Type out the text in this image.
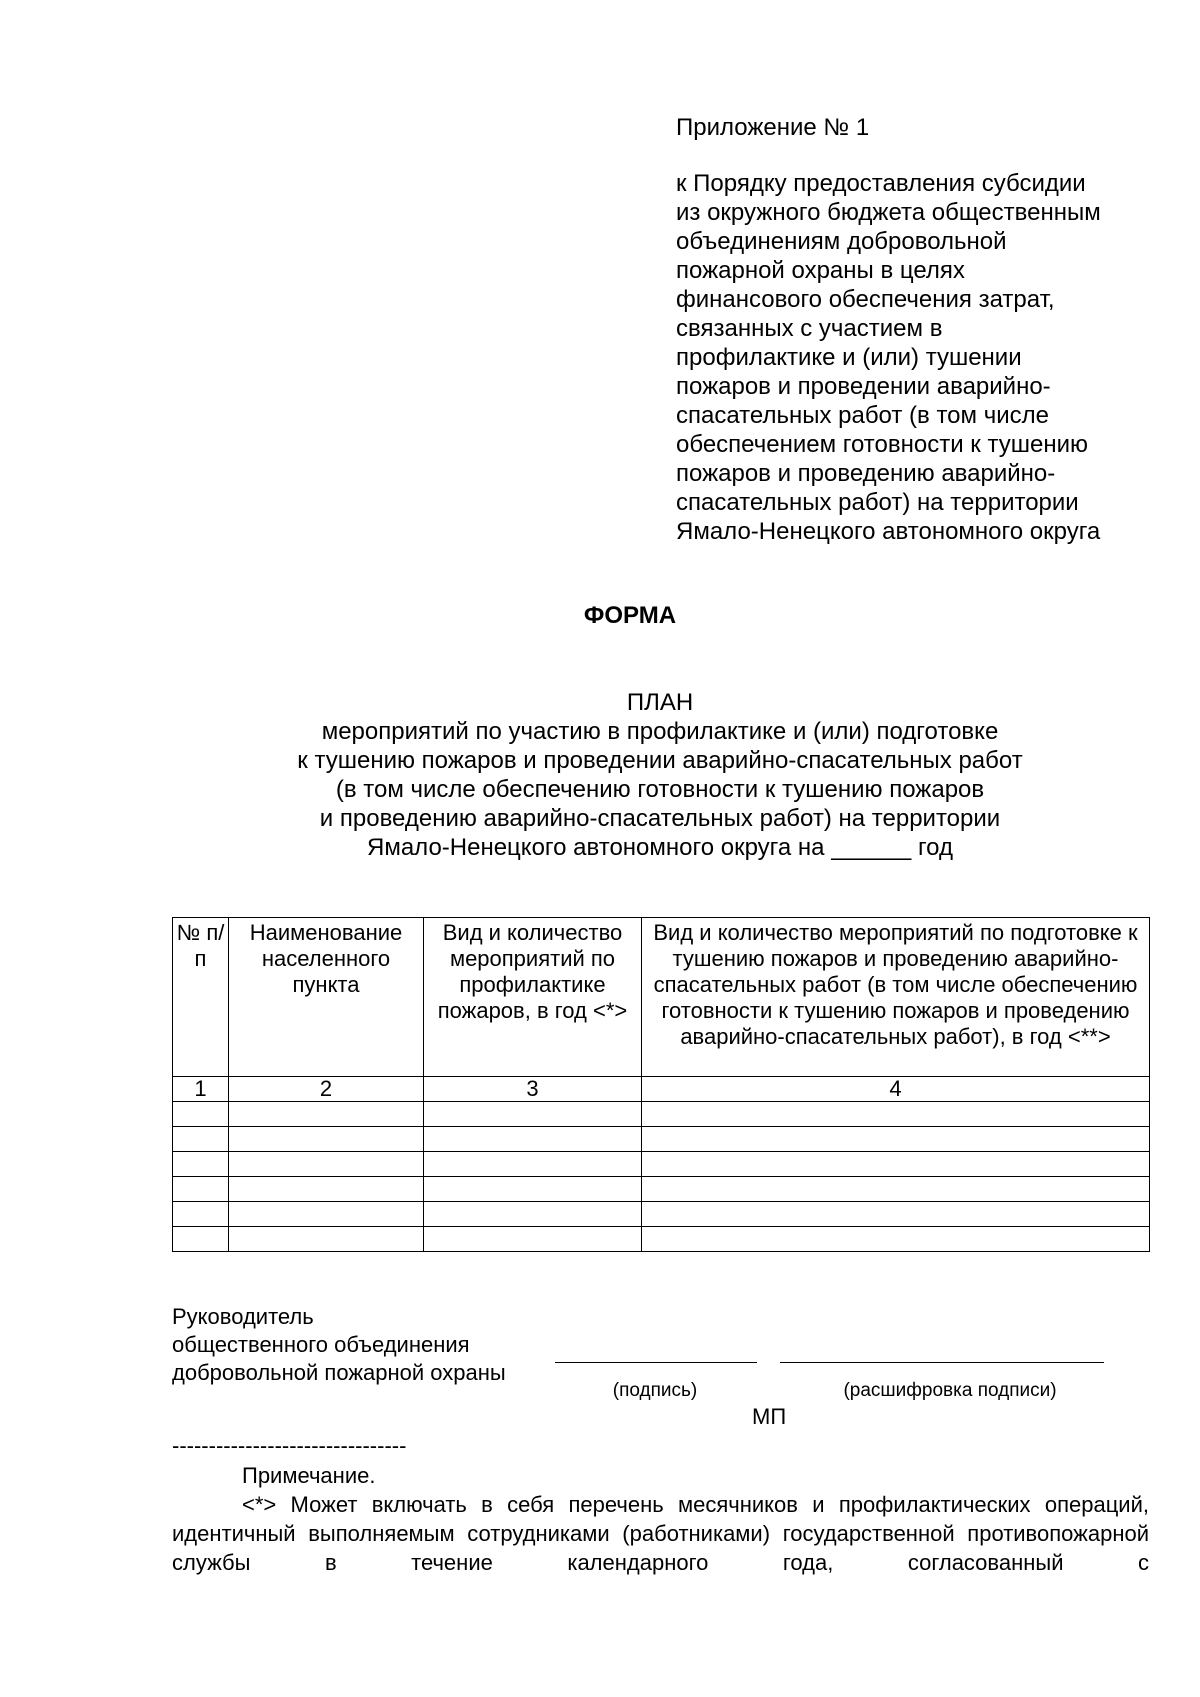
Приложение № 1
к Порядку предоставления субсидии
из окружного бюджета общественным
объединениям добровольной
пожарной охраны в целях
финансового обеспечения затрат,
связанных с участием в
профилактике и (или) тушении
пожаров и проведении аварийно-
спасательных работ (в том числе
обеспечением готовности к тушению
пожаров и проведению аварийно-
спасательных работ) на территории
Ямало-Ненецкого автономного округа
ФОРМА
ПЛАН
мероприятий по участию в профилактике и (или) подготовке
к тушению пожаров и проведении аварийно-спасательных работ
(в том числе обеспечению готовности к тушению пожаров
и проведению аварийно-спасательных работ) на территории
Ямало-Ненецкого автономного округа на ______ год
№ п/п	Наименование населенного пункта	Вид и количество мероприятий по профилактике пожаров, в год <*>	Вид и количество мероприятий по подготовке к тушению пожаров и проведению аварийно-спасательных работ (в том числе обеспечению готовности к тушению пожаров и проведению аварийно-спасательных работ), в год <**>
1	2	3	4

Руководитель
общественного объединения
добровольной пожарной охраны
(подпись)	(расшифровка подписи)
МП
--------------------------------
Примечание.
<*> Может включать в себя перечень месячников и профилактических операций, идентичный выполняемым сотрудниками (работниками) государственной противопожарной службы в течение календарного года, согласованный с
